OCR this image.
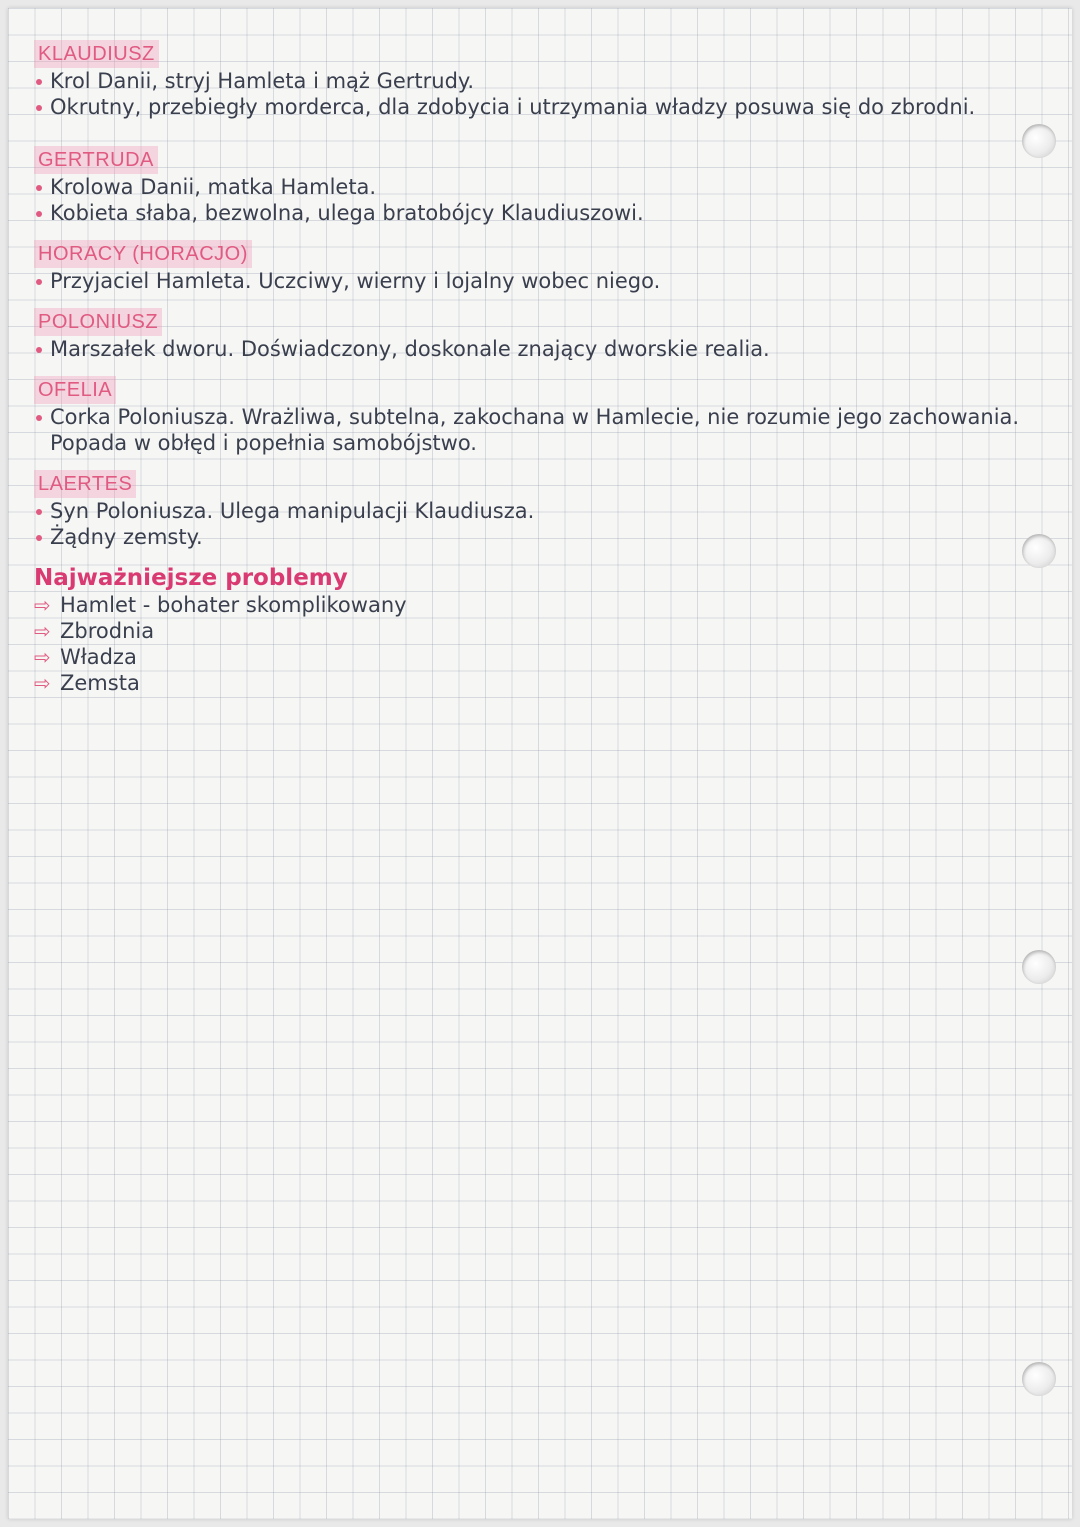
KLAUDIUSZ
Krol Danii, stryj Hamleta i mąż Gertrudy.
Okrutny, przebiegły morderca, dla zdobycia i utrzymania władzy posuwa się do zbrodni.
GERTRUDA
Krolowa Danii, matka Hamleta.
Kobieta słaba, bezwolna, ulega bratobójcy Klaudiuszowi.
HORACY (HORACJO)
Przyjaciel Hamleta. Uczciwy, wierny i lojalny wobec niego.
POLONIUSZ
Marszałek dworu. Doświadczony, doskonale znający dworskie realia.
OFELIA
Corka Poloniusza. Wrażliwa, subtelna, zakochana w Hamlecie, nie rozumie jego zachowania. Popada w obłęd i popełnia samobójstwo.
LAERTES
Syn Poloniusza. Ulega manipulacji Klaudiusza.
Żądny zemsty.
Najważniejsze problemy
⇨ Hamlet - bohater skomplikowany
⇨ Zbrodnia
⇨ Władza
⇨ Zemsta
